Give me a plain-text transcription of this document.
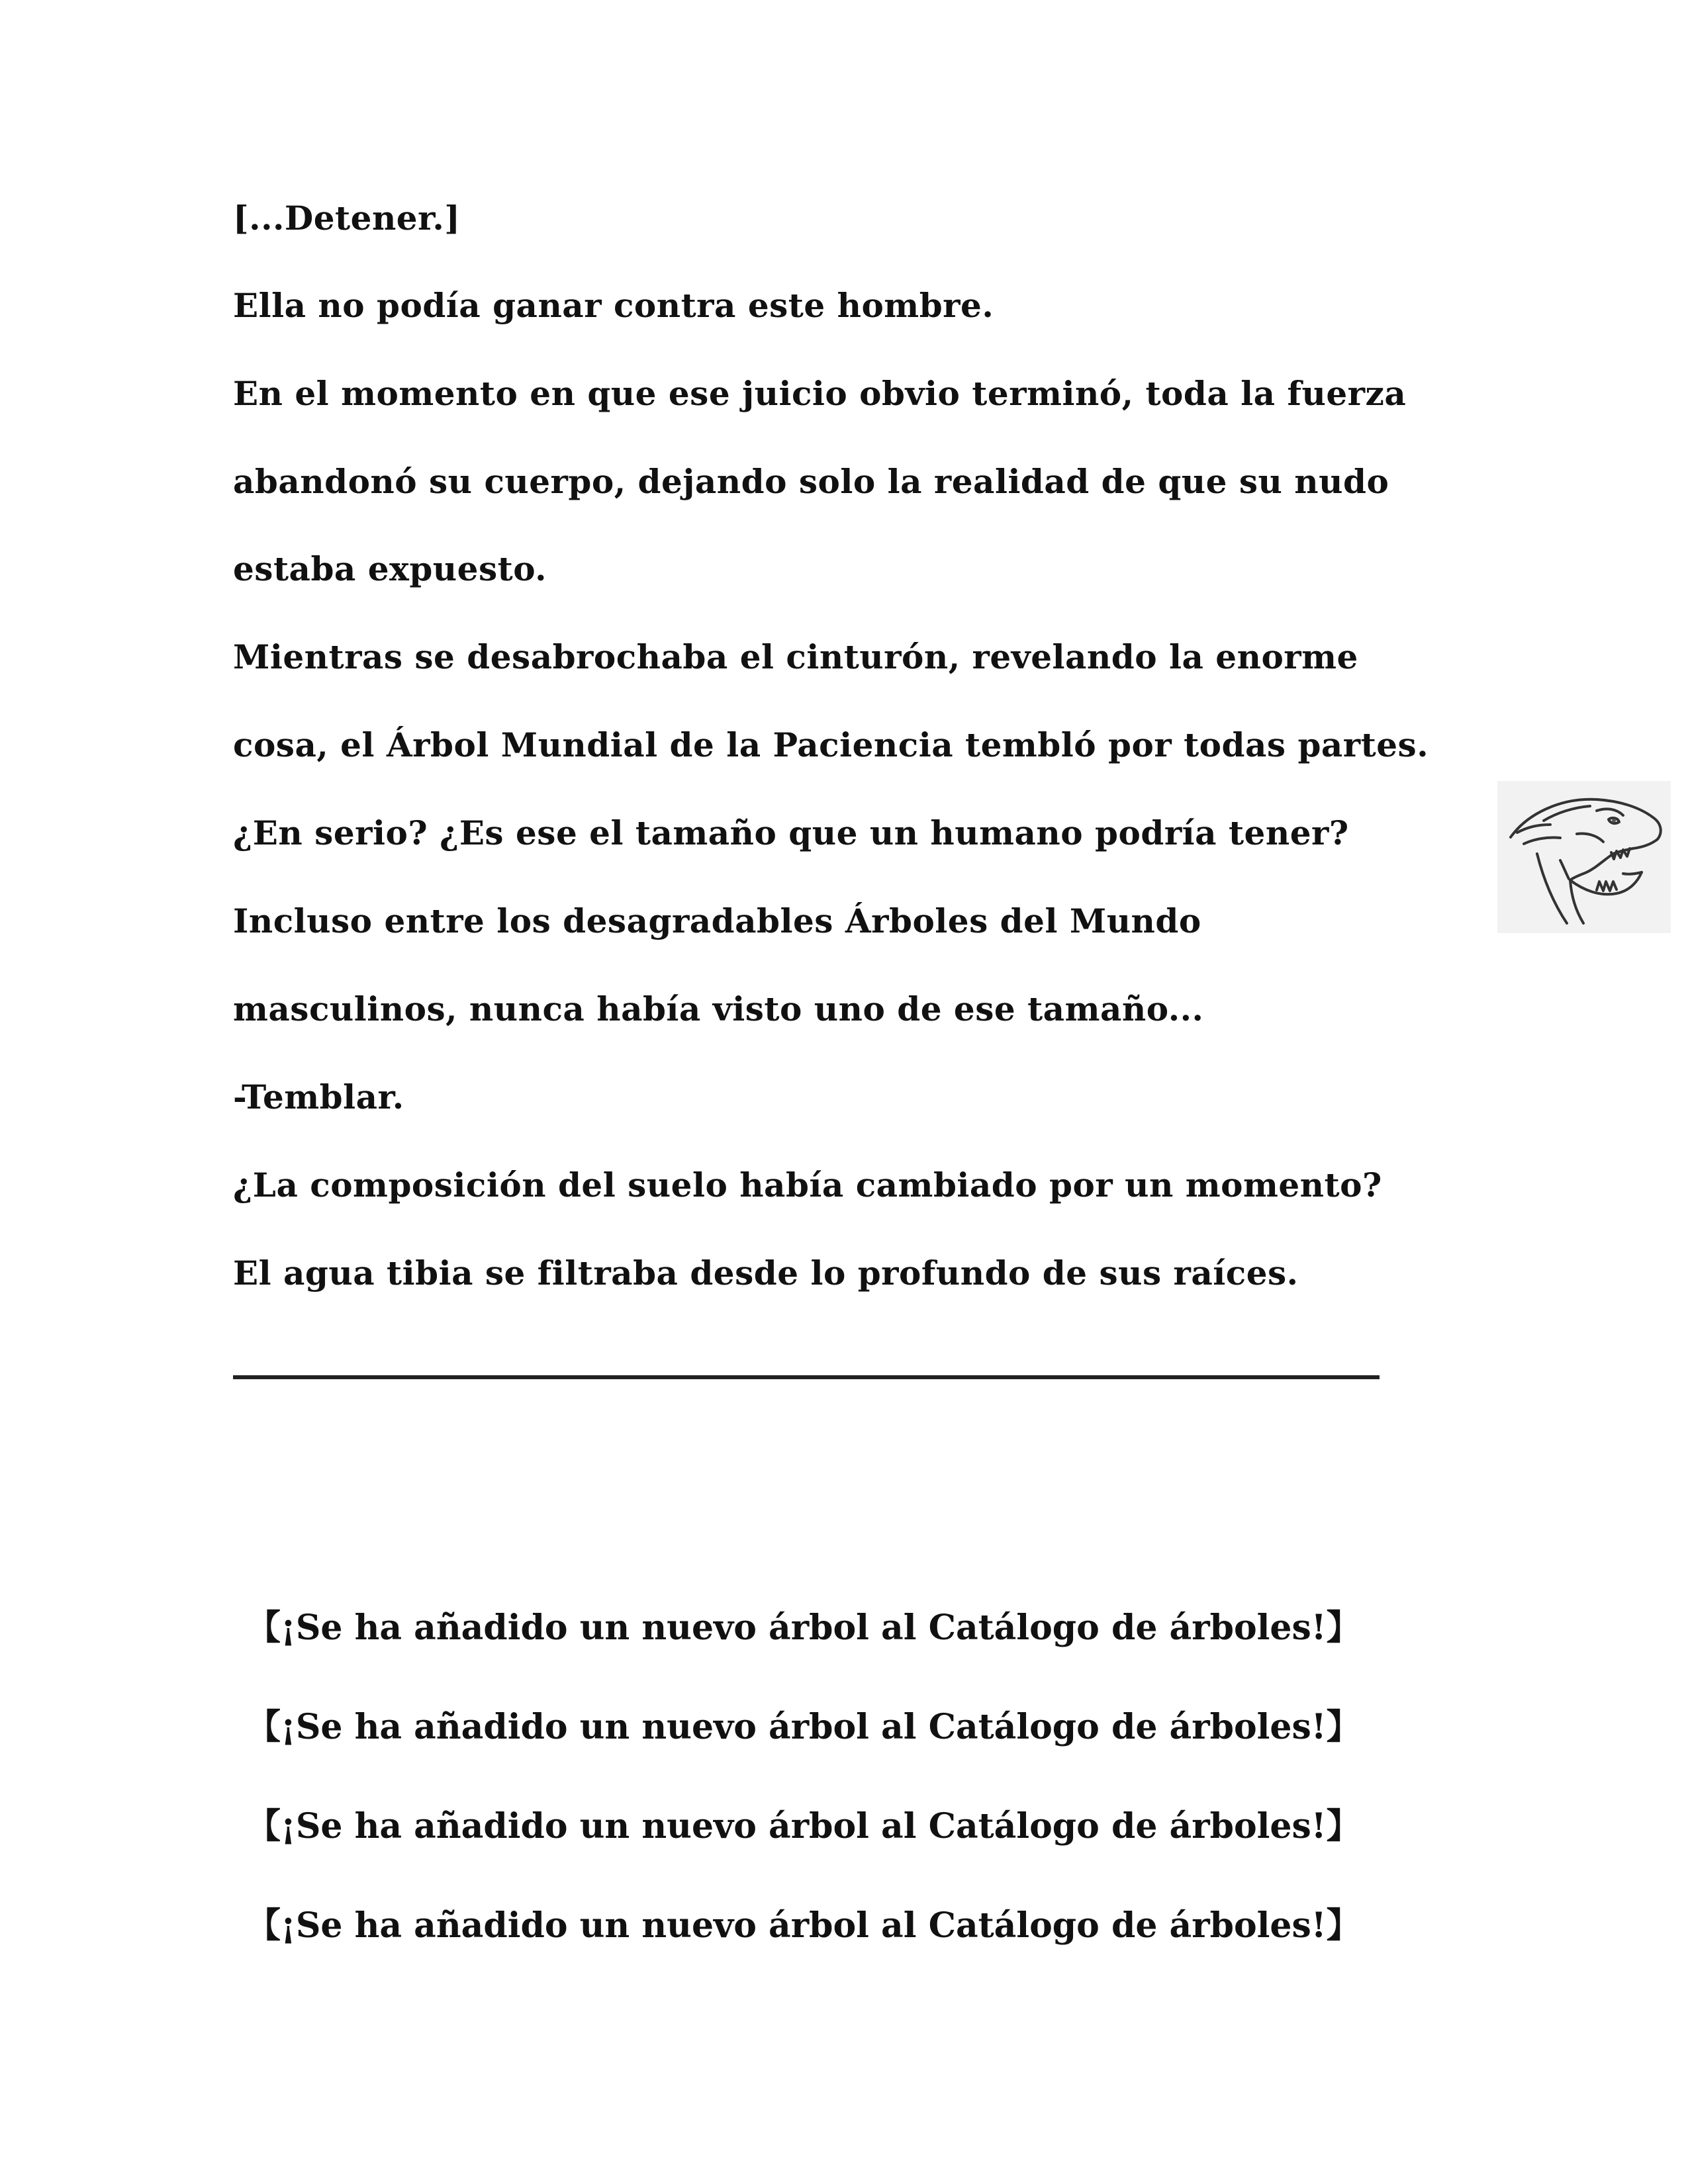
[...Detener.]
Ella no podía ganar contra este hombre.
En el momento en que ese juicio obvio terminó, toda la fuerza
abandonó su cuerpo, dejando solo la realidad de que su nudo
estaba expuesto.
Mientras se desabrochaba el cinturón, revelando la enorme
cosa, el Árbol Mundial de la Paciencia tembló por todas partes.
¿En serio? ¿Es ese el tamaño que un humano podría tener?
Incluso entre los desagradables Árboles del Mundo
masculinos, nunca había visto uno de ese tamaño...
-Temblar.
¿La composición del suelo había cambiado por un momento?
El agua tibia se filtraba desde lo profundo de sus raíces.
【¡Se ha añadido un nuevo árbol al Catálogo de árboles!】
【¡Se ha añadido un nuevo árbol al Catálogo de árboles!】
【¡Se ha añadido un nuevo árbol al Catálogo de árboles!】
【¡Se ha añadido un nuevo árbol al Catálogo de árboles!】
